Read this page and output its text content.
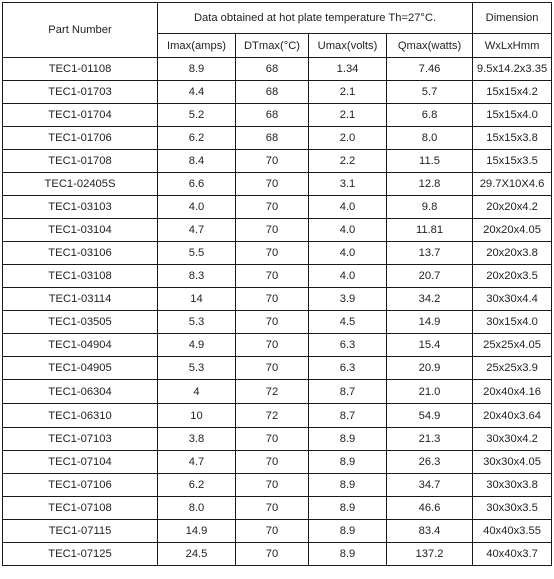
Part Number	Data obtained at hot plate temperature Th=27°C.				Dimension
	Imax(amps)	DTmax(°C)	Umax(volts)	Qmax(watts)	WxLxHmm
TEC1-01108	8.9	68	1.34	7.46	9.5x14.2x3.35
TEC1-01703	4.4	68	2.1	5.7	15x15x4.2
TEC1-01704	5.2	68	2.1	6.8	15x15x4.0
TEC1-01706	6.2	68	2.0	8.0	15x15x3.8
TEC1-01708	8.4	70	2.2	11.5	15x15x3.5
TEC1-02405S	6.6	70	3.1	12.8	29.7X10X4.6
TEC1-03103	4.0	70	4.0	9.8	20x20x4.2
TEC1-03104	4.7	70	4.0	11.81	20x20x4.05
TEC1-03106	5.5	70	4.0	13.7	20x20x3.8
TEC1-03108	8.3	70	4.0	20.7	20x20x3.5
TEC1-03114	14	70	3.9	34.2	30x30x4.4
TEC1-03505	5.3	70	4.5	14.9	30x15x4.0
TEC1-04904	4.9	70	6.3	15.4	25x25x4.05
TEC1-04905	5.3	70	6.3	20.9	25x25x3.9
TEC1-06304	4	72	8.7	21.0	20x40x4.16
TEC1-06310	10	72	8.7	54.9	20x40x3.64
TEC1-07103	3.8	70	8.9	21.3	30x30x4.2
TEC1-07104	4.7	70	8.9	26.3	30x30x4.05
TEC1-07106	6.2	70	8.9	34.7	30x30x3.8
TEC1-07108	8.0	70	8.9	46.6	30x30x3.5
TEC1-07115	14.9	70	8.9	83.4	40x40x3.55
TEC1-07125	24.5	70	8.9	137.2	40x40x3.7
